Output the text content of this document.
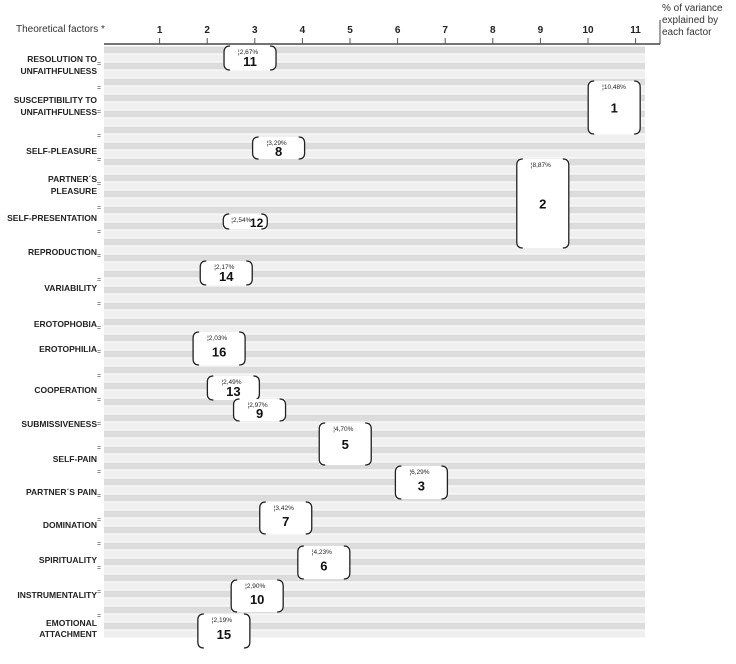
Theoretical factors *
% of variance explained by each factor
1	2	3	4	5	6	7	8	9	10	11
=
=
=
=
=
=
=
=
=
=
=
=
=
=
=
=
=
=
=
=
=
=
=
=
RESOLUTION TO
UNFAITHFULNESS
SUSCEPTIBILITY TO
UNFAITHFULNESS
SELF-PLEASURE
PARTNER´S
PLEASURE
SELF-PRESENTATION
REPRODUCTION
VARIABILITY
EROTOPHOBIA
EROTOPHILIA
COOPERATION
SUBMISSIVENESS
SELF-PAIN
PARTNER´S PAIN
DOMINATION
SPIRITUALITY
INSTRUMENTALITY
EMOTIONAL
ATTACHMENT
¦2,67%
11
¦10,48%
1
¦3,29%
8
¦8,87%
2
¦2,54%
12
¦2,17%
14
¦2,03%
16
¦2,49%
13
¦2,97%
9
¦4,70%
5
¦6,29%
3
¦3,42%
7
¦4,23%
6
¦2,90%
10
¦2,19%
15
